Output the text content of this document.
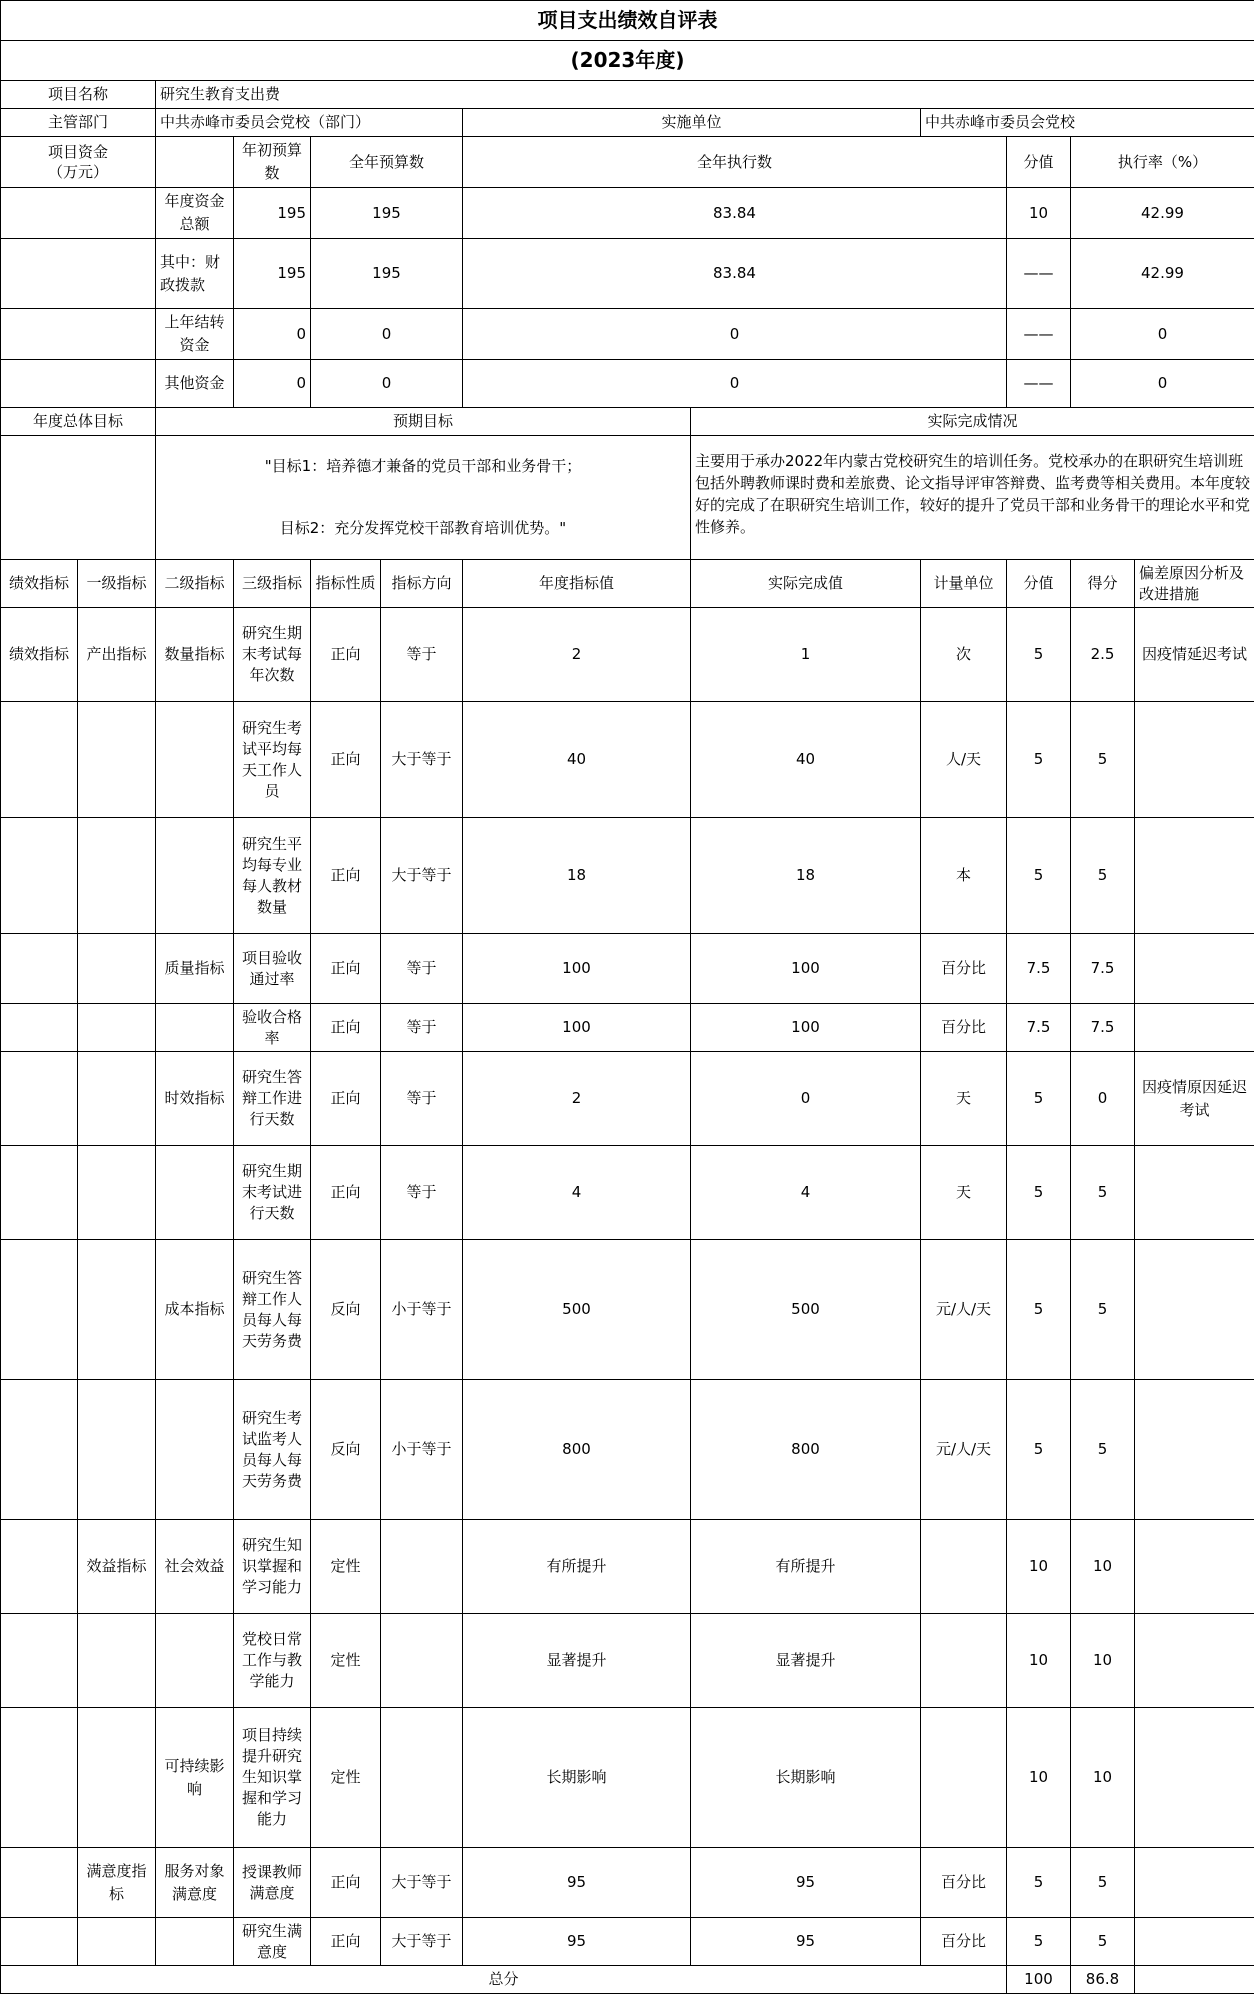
项目支出绩效自评表												
(2023年度)												
项目名称		研究生教育支出费										
主管部门		中共赤峰市委员会党校（部门）				实施单位		中共赤峰市委员会党校				
项目资金
（万元）			年初预算数	全年预算数		全年执行数			分值	执行率（%）	
		年度资金总额	195	195		83.84			10	42.99	
		其中：财政拨款	195	195		83.84			——	42.99	
		上年结转资金	0	0		0			——	0	
		其他资金	0	0		0			——	0	
年度总体目标		预期目标					实际完成情况					
		"目标1：培养德才兼备的党员干部和业务骨干；					主要用于承办2022年内蒙古党校研究生的培训任务。党校承办的在职研究生培训班包括外聘教师课时费和差旅费、论文指导评审答辩费、监考费等相关费用。本年度较好的完成了在职研究生培训工作，较好的提升了党员干部和业务骨干的理论水平和党性修养。					
		目标2：充分发挥党校干部教育培训优势。"										
绩效指标	一级指标	二级指标	三级指标	指标性质	指标方向	年度指标值	实际完成值	计量单位	分值	得分	偏差原因分析及改进措施	
绩效指标	产出指标	数量指标	研究生期末考试每年次数	正向	等于	2	1	次	5	2.5	因疫情延迟考试	
			研究生考试平均每天工作人员	正向	大于等于	40	40	人/天	5	5		
			研究生平均每专业每人教材数量	正向	大于等于	18	18	本	5	5		
		质量指标	项目验收通过率	正向	等于	100	100	百分比	7.5	7.5		
			验收合格率	正向	等于	100	100	百分比	7.5	7.5		
		时效指标	研究生答辩工作进行天数	正向	等于	2	0	天	5	0	因疫情原因延迟考试	
			研究生期末考试进行天数	正向	等于	4	4	天	5	5		
		成本指标	研究生答辩工作人员每人每天劳务费	反向	小于等于	500	500	元/人/天	5	5		
			研究生考试监考人员每人每天劳务费	反向	小于等于	800	800	元/人/天	5	5		
	效益指标	社会效益	研究生知识掌握和学习能力	定性		有所提升	有所提升		10	10		
			党校日常工作与教学能力	定性		显著提升	显著提升		10	10		
		可持续影响	项目持续提升研究生知识掌握和学习能力	定性		长期影响	长期影响		10	10		
	满意度指标	服务对象满意度	授课教师满意度	正向	大于等于	95	95	百分比	5	5		
			研究生满意度	正向	大于等于	95	95	百分比	5	5		
总分									100	86.8		
